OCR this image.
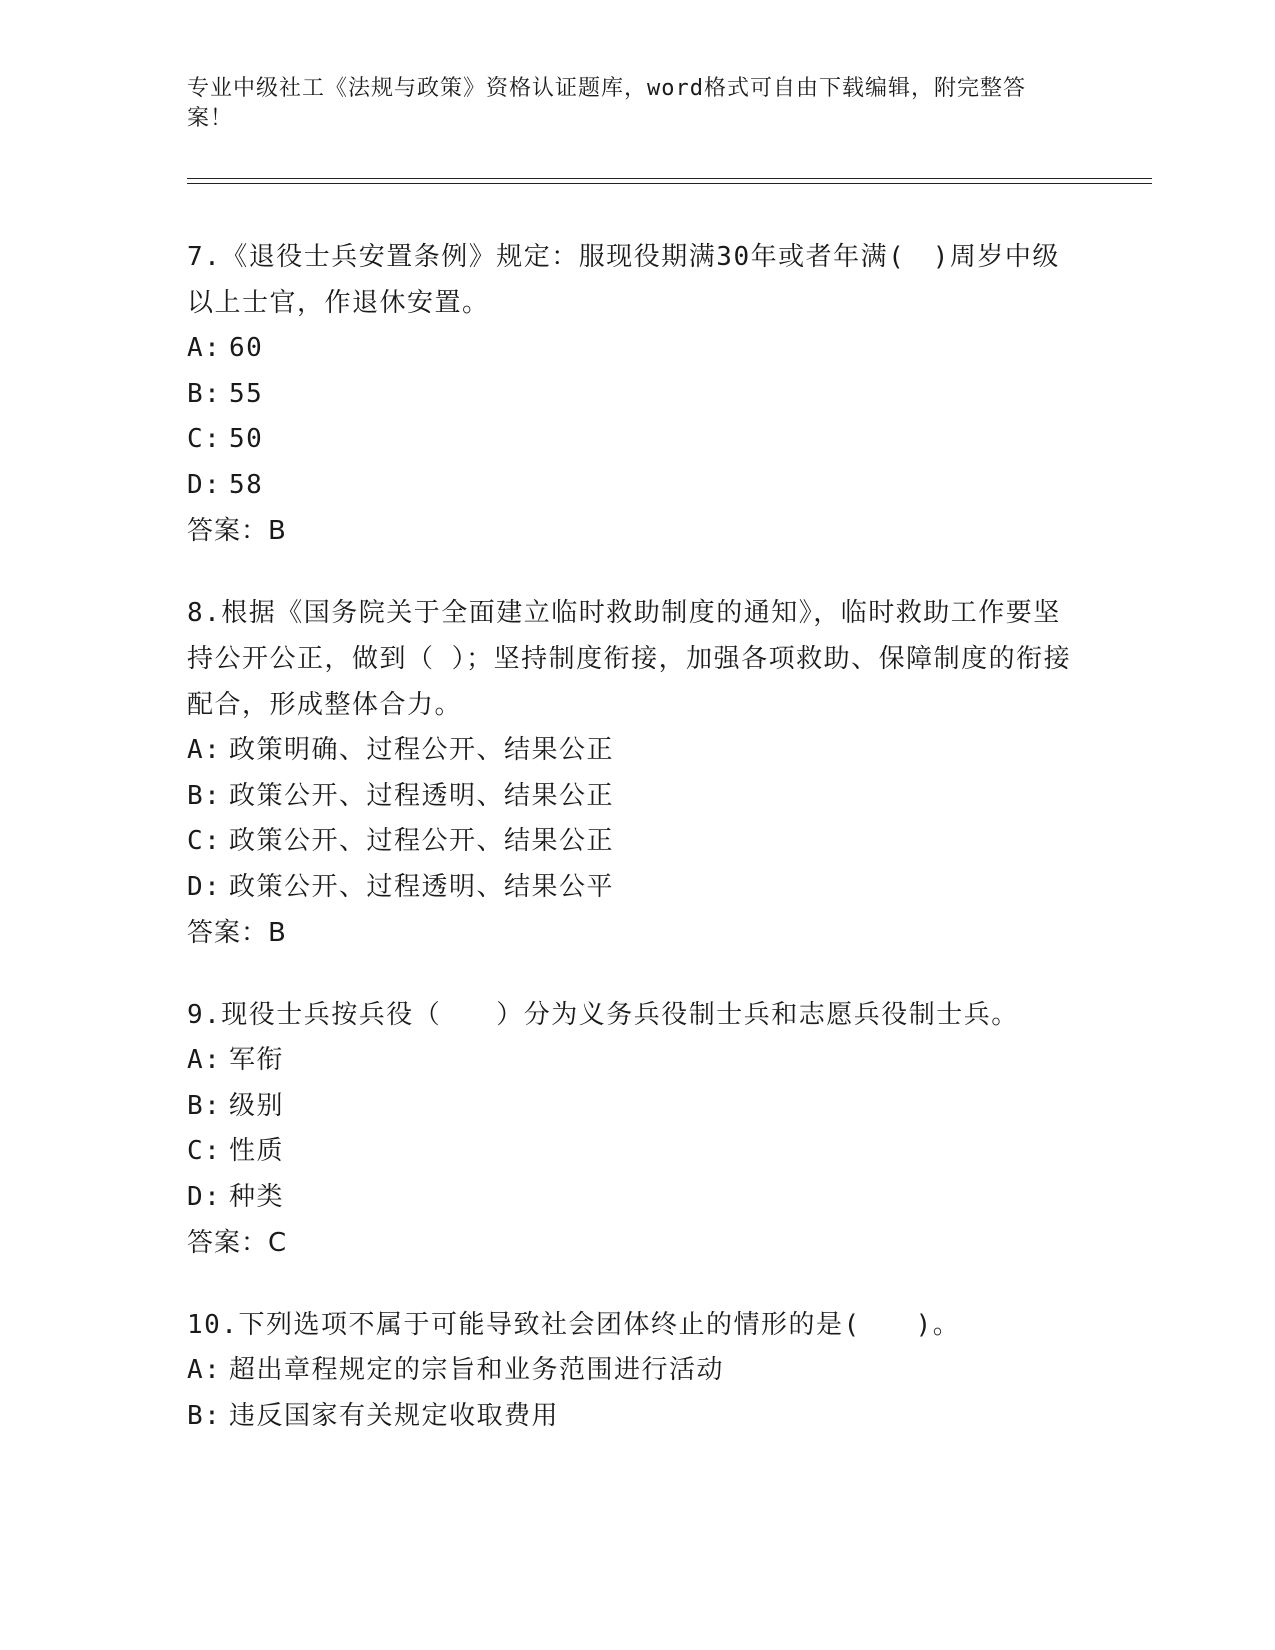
专业中级社工《法规与政策》资格认证题库，word格式可自由下载编辑，附完整答案！

7.《退役士兵安置条例》规定：服现役期满30年或者年满(　)周岁中级以上士官，作退休安置。

A: 60

B: 55

C: 50

D: 58

答案：B

8.根据《国务院关于全面建立临时救助制度的通知》，临时救助工作要坚持公开公正，做到（ ）；坚持制度衔接，加强各项救助、保障制度的衔接配合，形成整体合力。

A: 政策明确、过程公开、结果公正

B: 政策公开、过程透明、结果公正

C: 政策公开、过程公开、结果公正

D: 政策公开、过程透明、结果公平

答案：B

9.现役士兵按兵役（　　）分为义务兵役制士兵和志愿兵役制士兵。

A: 军衔

B: 级别

C: 性质

D: 种类

答案：C

10.下列选项不属于可能导致社会团体终止的情形的是(　　)。

A: 超出章程规定的宗旨和业务范围进行活动

B: 违反国家有关规定收取费用
